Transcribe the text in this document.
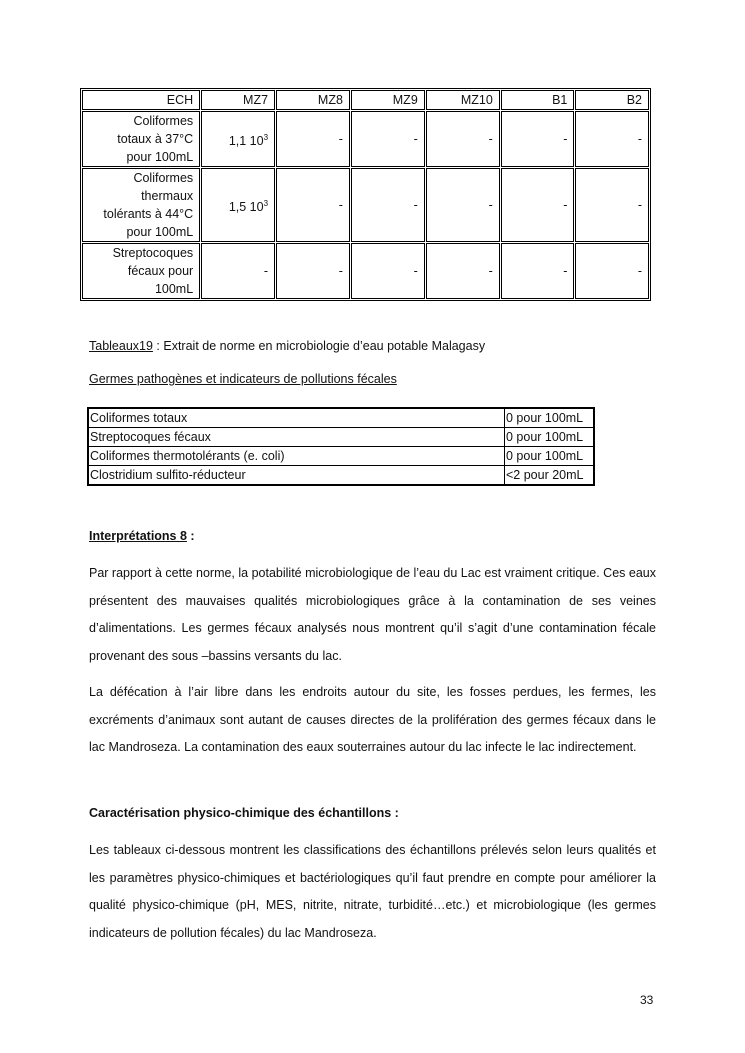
ECH	MZ7	MZ8	MZ9	MZ10	B1	B2
Coliformes
totaux à 37°C
pour 100mL	1,1 $10^3$	-	-	-	-	-
Coliformes
thermaux
tolérants à 44°C
pour 100mL	1,5 $10^3$	-	-	-	-	-
Streptocoques
fécaux pour
100mL	-	-	-	-	-	-
Tableaux19 : Extrait de norme en microbiologie d’eau potable Malagasy
Germes pathogènes et indicateurs de pollutions fécales
Coliformes totaux	0 pour 100mL
Streptocoques fécaux	0 pour 100mL
Coliformes thermotolérants (e. coli)	0 pour 100mL
Clostridium sulfito-réducteur	<2 pour 20mL
Interprétations 8 :
Par rapport à cette norme, la potabilité microbiologique de l’eau du Lac est vraiment critique. Ces eaux présentent des mauvaises qualités microbiologiques grâce à la contamination de ses veines d’alimentations. Les germes fécaux analysés nous montrent qu’il s’agit d’une contamination fécale provenant des sous –bassins versants du lac.
La défécation à l’air libre dans les endroits autour du site, les fosses perdues, les fermes, les excréments d’animaux sont autant de causes directes de la prolifération des germes fécaux dans le lac Mandroseza. La contamination des eaux souterraines autour du lac infecte le lac indirectement.
Caractérisation physico-chimique des échantillons :
Les tableaux ci-dessous montrent les classifications des échantillons prélevés selon leurs qualités et les paramètres physico-chimiques et bactériologiques qu’il faut prendre en compte pour améliorer la qualité physico-chimique (pH, MES, nitrite, nitrate, turbidité…etc.) et microbiologique (les germes indicateurs de pollution fécales) du lac Mandroseza.
33
